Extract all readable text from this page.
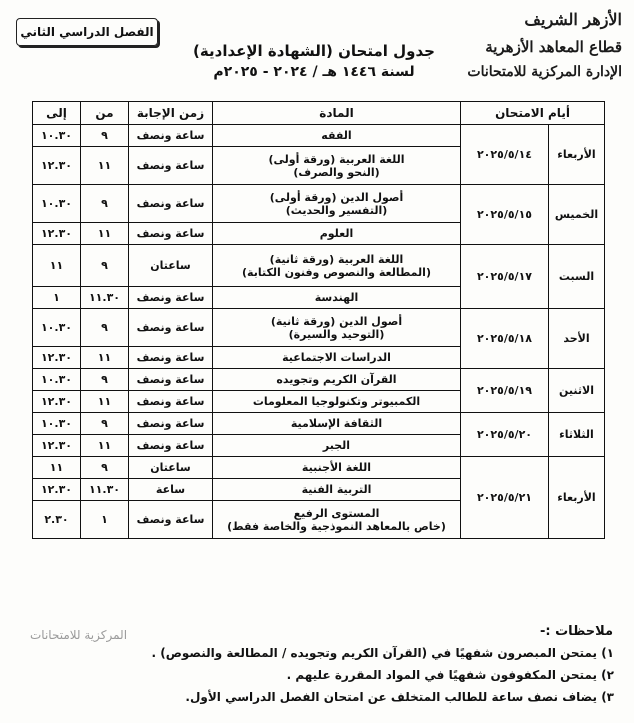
الأزهر الشريف
قطاع المعاهد الأزهرية
الإدارة المركزية للامتحانات
جدول امتحان (الشهادة الإعدادية)
لسنة ١٤٤٦ هـ / ٢٠٢٤ - ٢٠٢٥م
الفصل الدراسي الثاني
أيام الامتحان		المادة	زمن الإجابة	من	إلى
الأربعاء	٢٠٢٥/٥/١٤	الفقه	ساعة ونصف	٩	١٠.٣٠

		اللغة العربية (ورقة أولى)
(النحو والصرف)	ساعة ونصف	١١	١٢.٣٠
الخميس	٢٠٢٥/٥/١٥	أصول الدين (ورقة أولى)
(التفسير والحديث)	ساعة ونصف	٩	١٠.٣٠
		العلوم	ساعة ونصف	١١	١٢.٣٠
السبت	٢٠٢٥/٥/١٧	اللغة العربية (ورقة ثانية)
(المطالعة والنصوص وفنون الكتابة)	ساعتان	٩	١١
		الهندسة	ساعة ونصف	١١.٣٠	١
الأحد	٢٠٢٥/٥/١٨	أصول الدين (ورقة ثانية)
(التوحيد والسيرة)	ساعة ونصف	٩	١٠.٣٠
		الدراسات الاجتماعية	ساعة ونصف	١١	١٢.٣٠
الاثنين	٢٠٢٥/٥/١٩	القرآن الكريم وتجويده	ساعة ونصف	٩	١٠.٣٠
		الكمبيوتر وتكنولوجيا المعلومات	ساعة ونصف	١١	١٢.٣٠
الثلاثاء	٢٠٢٥/٥/٢٠	الثقافة الإسلامية	ساعة ونصف	٩	١٠.٣٠
		الجبر	ساعة ونصف	١١	١٢.٣٠
الأربعاء	٢٠٢٥/٥/٢١	اللغة الأجنبية	ساعتان	٩	١١
		التربية الفنية	ساعة	١١.٣٠	١٢.٣٠

		المستوى الرفيع
(خاص بالمعاهد النموذجية والخاصة فقط)	ساعة ونصف	١	٢.٣٠
المركزية للامتحانات	ملاحظات :-
١) يمتحن المبصرون شفهيًا في (القرآن الكريم وتجويده / المطالعة والنصوص) .
٢) يمتحن المكفوفون شفهيًا في المواد المقررة عليهم .
٣) يضاف نصف ساعة للطالب المتخلف عن امتحان الفصل الدراسي الأول.
